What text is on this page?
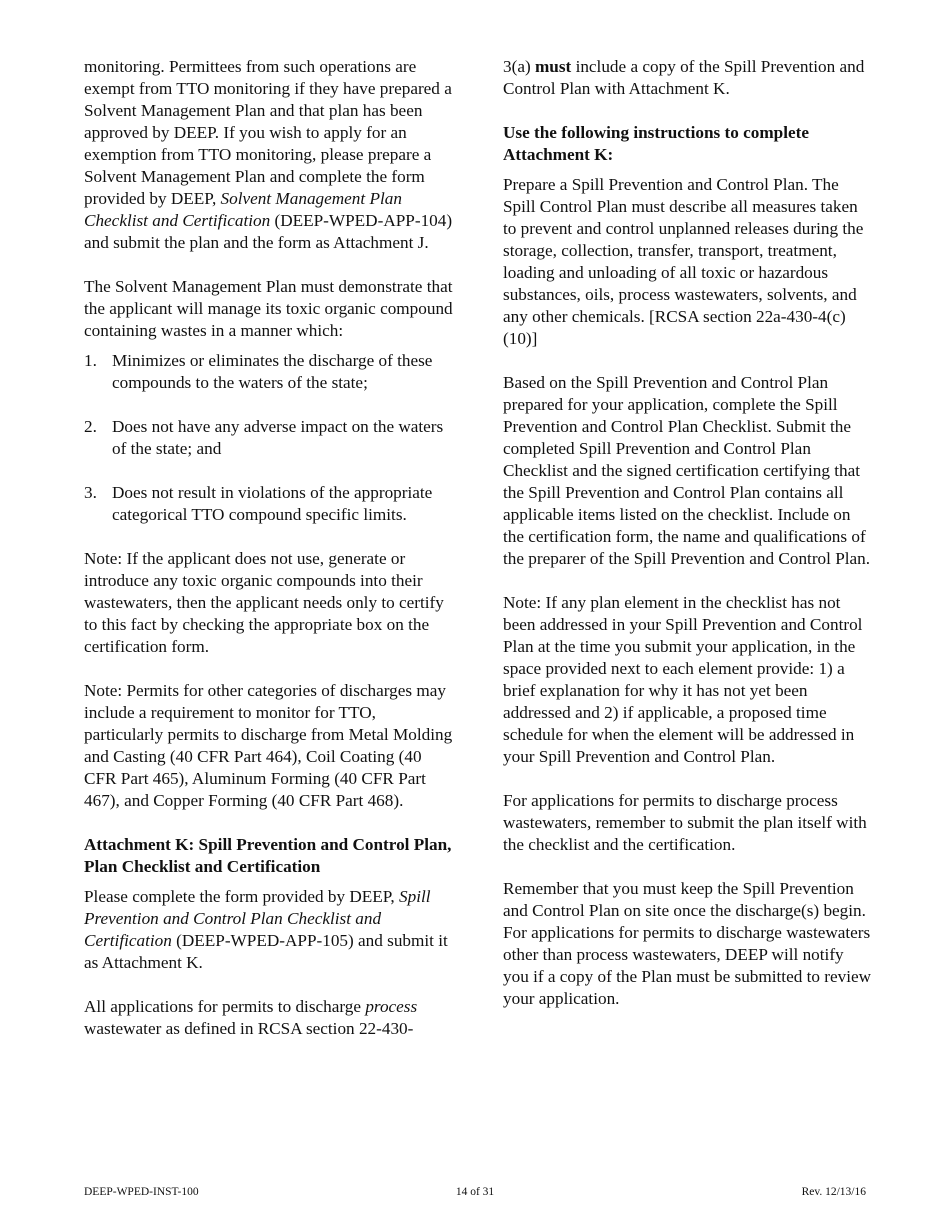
monitoring. Permittees from such operations are exempt from TTO monitoring if they have prepared a Solvent Management Plan and that plan has been approved by DEEP. If you wish to apply for an exemption from TTO monitoring, please prepare a Solvent Management Plan and complete the form provided by DEEP, Solvent Management Plan Checklist and Certification (DEEP-WPED-APP-104) and submit the plan and the form as Attachment J.

The Solvent Management Plan must demonstrate that the applicant will manage its toxic organic compound containing wastes in a manner which:

1. Minimizes or eliminates the discharge of these compounds to the waters of the state;
2. Does not have any adverse impact on the waters of the state; and
3. Does not result in violations of the appropriate categorical TTO compound specific limits.

Note: If the applicant does not use, generate or introduce any toxic organic compounds into their wastewaters, then the applicant needs only to certify to this fact by checking the appropriate box on the certification form.

Note: Permits for other categories of discharges may include a requirement to monitor for TTO, particularly permits to discharge from Metal Molding and Casting (40 CFR Part 464), Coil Coating (40 CFR Part 465), Aluminum Forming (40 CFR Part 467), and Copper Forming (40 CFR Part 468).

Attachment K: Spill Prevention and Control Plan, Plan Checklist and Certification

Please complete the form provided by DEEP, Spill Prevention and Control Plan Checklist and Certification (DEEP-WPED-APP-105) and submit it as Attachment K.

All applications for permits to discharge process wastewater as defined in RCSA section 22-430-

3(a) must include a copy of the Spill Prevention and Control Plan with Attachment K.

Use the following instructions to complete Attachment K:

Prepare a Spill Prevention and Control Plan. The Spill Control Plan must describe all measures taken to prevent and control unplanned releases during the storage, collection, transfer, transport, treatment, loading and unloading of all toxic or hazardous substances, oils, process wastewaters, solvents, and any other chemicals. [RCSA section 22a-430-4(c)(10)]

Based on the Spill Prevention and Control Plan prepared for your application, complete the Spill Prevention and Control Plan Checklist. Submit the completed Spill Prevention and Control Plan Checklist and the signed certification certifying that the Spill Prevention and Control Plan contains all applicable items listed on the checklist. Include on the certification form, the name and qualifications of the preparer of the Spill Prevention and Control Plan.

Note: If any plan element in the checklist has not been addressed in your Spill Prevention and Control Plan at the time you submit your application, in the space provided next to each element provide: 1) a brief explanation for why it has not yet been addressed and 2) if applicable, a proposed time schedule for when the element will be addressed in your Spill Prevention and Control Plan.

For applications for permits to discharge process wastewaters, remember to submit the plan itself with the checklist and the certification.

Remember that you must keep the Spill Prevention and Control Plan on site once the discharge(s) begin. For applications for permits to discharge wastewaters other than process wastewaters, DEEP will notify you if a copy of the Plan must be submitted to review your application.

DEEP-WPED-INST-100	14 of 31	Rev. 12/13/16
